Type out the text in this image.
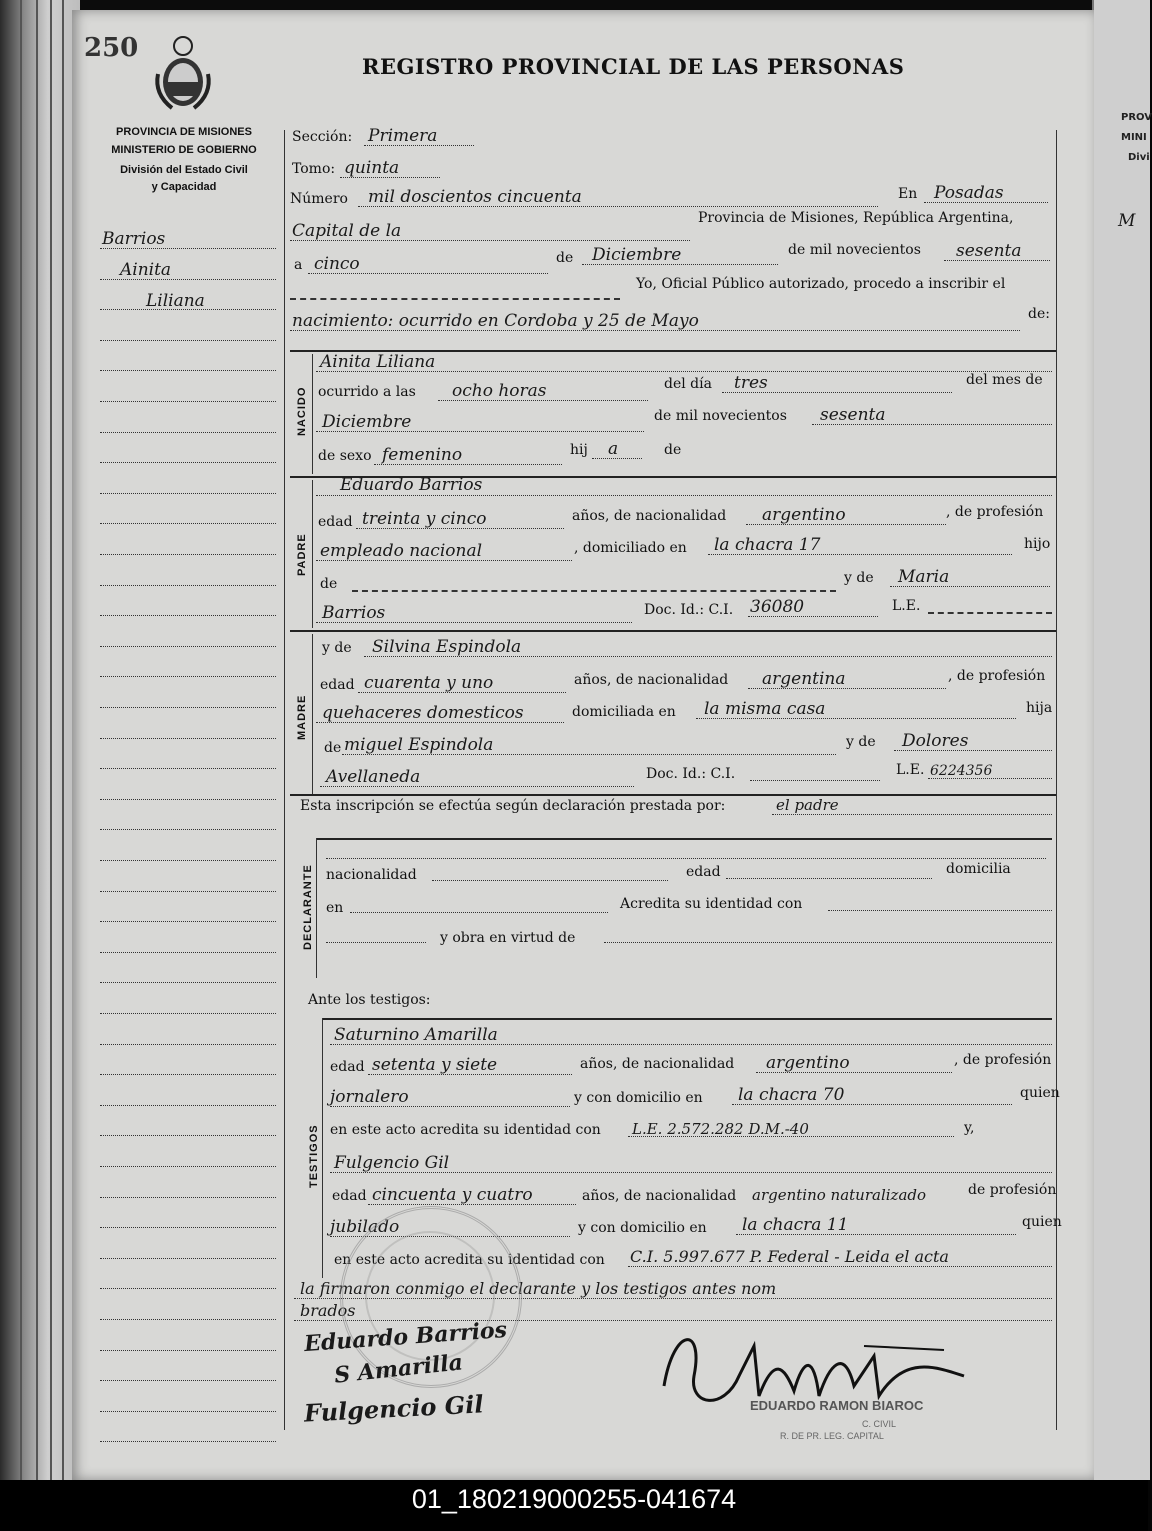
PROV
MINI
Divi
M
250
REGISTRO PROVINCIAL DE LAS PERSONAS
PROVINCIA DE MISIONES
MINISTERIO DE GOBIERNO
División del Estado Civil
y Capacidad
Barrios
Ainita
Liliana
Sección: Primera
Tomo: quinta
Número mil doscientos cincuenta	En Posadas
Capital de la
Provincia de Misiones, República Argentina,
a cinco	de Diciembre	de mil novecientos sesenta
Yo, Oficial Público autorizado, procedo a inscribir el
nacimiento: ocurrido en Cordoba y 25 de Mayo	de:
NACIDO
Ainita Liliana
ocurrido a las ocho horas	del día tres	del mes de
Diciembre	de mil novecientos sesenta
de sexo femenino	hij a	de
PADRE
Eduardo Barrios
edad treinta y cinco	años, de nacionalidad argentino	, de profesión
empleado nacional	, domiciliado en la chacra 17	hijo
de	y de Maria
Barrios	Doc. Id.: C.I. 36080	L.E.
MADRE
y de Silvina Espindola
edad cuarenta y uno	años, de nacionalidad argentina	, de profesión
quehaceres domesticos	domiciliada en la misma casa	hija
de miguel Espindola	y de Dolores
Avellaneda	Doc. Id.: C.I.	L.E. 6224356
Esta inscripción se efectúa según declaración prestada por:	el padre
DECLARANTE nacionalidad	edad	domicilia
en	Acredita su identidad con
y obra en virtud de
Ante los testigos:
TESTIGOS
Saturnino Amarilla
edad setenta y siete	años, de nacionalidad argentino	, de profesión
jornalero	y con domicilio en la chacra 70	quien
en este acto acredita su identidad con L.E. 2.572.282 D.M.-40	y,
Fulgencio Gil
edad cincuenta y cuatro	años, de nacionalidad argentino naturalizado	de profesión
jubilado	y con domicilio en la chacra 11	quien
en este acto acredita su identidad con C.I. 5.997.677 P. Federal - Leida el acta
la firmaron conmigo el declarante y los testigos antes nom
brados
Eduardo Barrios
S Amarilla
Fulgencio Gil	EDUARDO RAMON BIAROC
C. CIVIL
R. DE PR. LEG. CAPITAL
01_180219000255-041674
